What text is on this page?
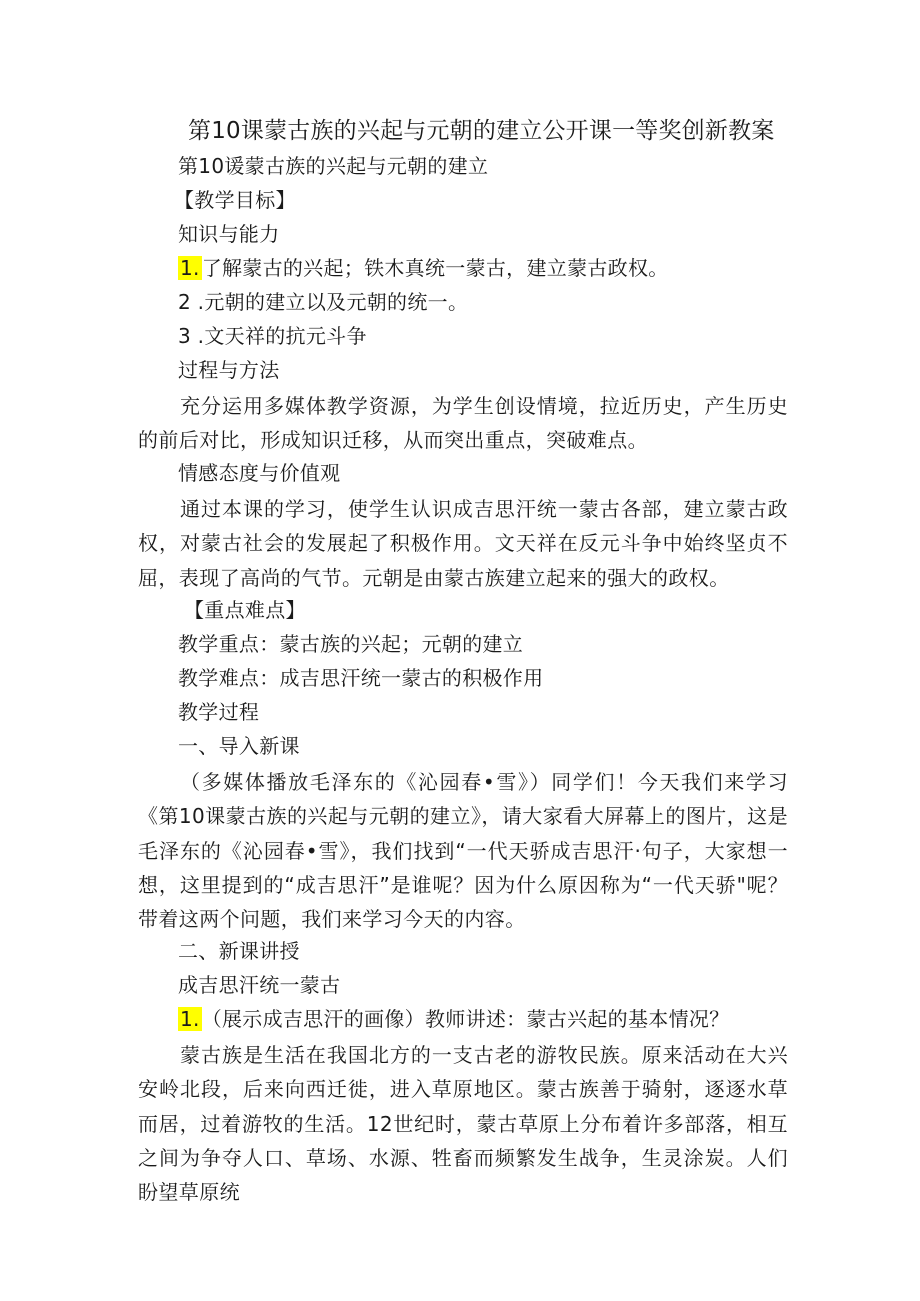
第10课蒙古族的兴起与元朝的建立公开课一等奖创新教案
第10谖蒙古族的兴起与元朝的建立
【教学目标】
知识与能力
1. 了解蒙古的兴起；铁木真统一蒙古，建立蒙古政权。
2 .元朝的建立以及元朝的统一。
3 .文天祥的抗元斗争
过程与方法

充分运用多媒体教学资源，为学生创设情境，拉近历史，产生历史的前后对比，形成知识迁移，从而突出重点，突破难点。

情感态度与价值观

通过本课的学习，使学生认识成吉思汗统一蒙古各部，建立蒙古政权，对蒙古社会的发展起了积极作用。文天祥在反元斗争中始终坚贞不屈，表现了高尚的气节。元朝是由蒙古族建立起来的强大的政权。

【重点难点】
教学重点：蒙古族的兴起；元朝的建立
教学难点：成吉思汗统一蒙古的积极作用
教学过程
一、导入新课

（多媒体播放毛泽东的《沁园春•雪》）同学们！今天我们来学习《第10课蒙古族的兴起与元朝的建立》，请大家看大屏幕上的图片，这是毛泽东的《沁园春•雪》，我们找到“一代天骄成吉思汗·句子，大家想一想，这里提到的“成吉思汗”是谁呢？因为什么原因称为“一代天骄"呢？带着这两个问题，我们来学习今天的内容。

二、新课讲授
成吉思汗统一蒙古
1. （展示成吉思汗的画像）教师讲述：蒙古兴起的基本情况？

蒙古族是生活在我国北方的一支古老的游牧民族。原来活动在大兴安岭北段，后来向西迁徙，进入草原地区。蒙古族善于骑射，逐逐水草而居，过着游牧的生活。12世纪时，蒙古草原上分布着许多部落，相互之间为争夺人口、草场、水源、牲畜而频繁发生战争，生灵涂炭。人们盼望草原统
